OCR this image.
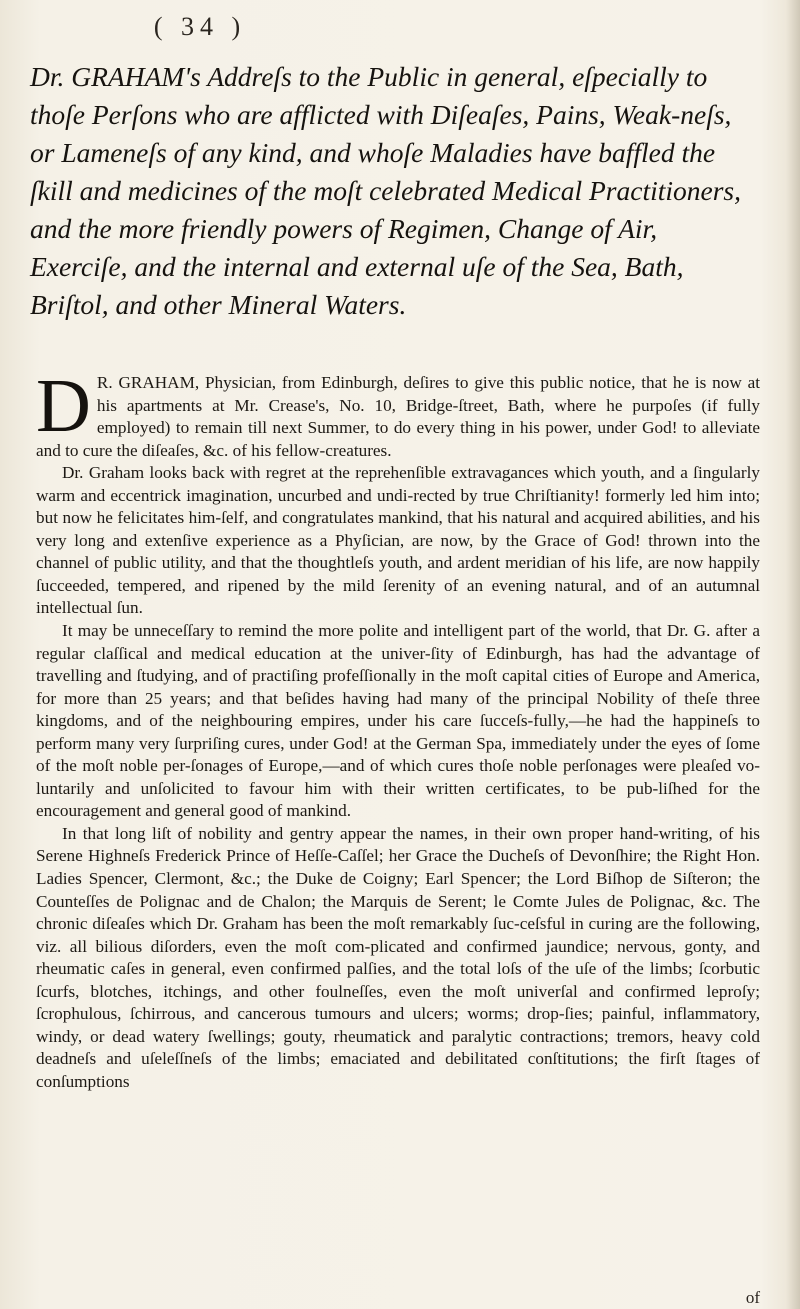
( 34 )
Dr. GRAHAM's Addreſs to the Public in general, eſpecially to thoſe Perſons who are afflicted with Diſeaſes, Pains, Weak-neſs, or Lameneſs of any kind, and whoſe Maladies have baffled the ſkill and medicines of the moſt celebrated Medical Practitioners, and the more friendly powers of Regimen, Change of Air, Exerciſe, and the internal and external uſe of the Sea, Bath, Briſtol, and other Mineral Waters.

D R. GRAHAM, Physician, from Edinburgh, deſires to give this public notice, that he is now at his apartments at Mr. Crease's, No. 10, Bridge-ſtreet, Bath, where he purpoſes (if fully employed) to remain till next Summer, to do every thing in his power, under God! to alleviate and to cure the diſeaſes, &c. of his fellow-creatures.

Dr. Graham looks back with regret at the reprehenſible extravagances which youth, and a ſingularly warm and eccentrick imagination, uncurbed and undi-rected by true Chriſtianity! formerly led him into; but now he felicitates him-ſelf, and congratulates mankind, that his natural and acquired abilities, and his very long and extenſive experience as a Phyſician, are now, by the Grace of God! thrown into the channel of public utility, and that the thoughtleſs youth, and ardent meridian of his life, are now happily ſucceeded, tempered, and ripened by the mild ſerenity of an evening natural, and of an autumnal intellectual ſun.

It may be unneceſſary to remind the more polite and intelligent part of the world, that Dr. G. after a regular claſſical and medical education at the univer-ſity of Edinburgh, has had the advantage of travelling and ſtudying, and of practiſing profeſſionally in the moſt capital cities of Europe and America, for more than 25 years; and that beſides having had many of the principal Nobility of theſe three kingdoms, and of the neighbouring empires, under his care ſucceſs-fully,—he had the happineſs to perform many very ſurpriſing cures, under God! at the German Spa, immediately under the eyes of ſome of the moſt noble per-ſonages of Europe,—and of which cures thoſe noble perſonages were pleaſed vo-luntarily and unſolicited to favour him with their written certificates, to be pub-liſhed for the encouragement and general good of mankind.

In that long liſt of nobility and gentry appear the names, in their own proper hand-writing, of his Serene Highneſs Frederick Prince of Heſſe-Caſſel; her Grace the Ducheſs of Devonſhire; the Right Hon. Ladies Spencer, Clermont, &c.; the Duke de Coigny; Earl Spencer; the Lord Biſhop de Siſteron; the Counteſſes de Polignac and de Chalon; the Marquis de Serent; le Comte Jules de Polignac, &c. The chronic diſeaſes which Dr. Graham has been the moſt remarkably ſuc-ceſsful in curing are the following, viz. all bilious diſorders, even the moſt com-plicated and confirmed jaundice; nervous, gonty, and rheumatic caſes in general, even confirmed palſies, and the total loſs of the uſe of the limbs; ſcorbutic ſcurfs, blotches, itchings, and other foulneſſes, even the moſt univerſal and confirmed leproſy; ſcrophulous, ſchirrous, and cancerous tumours and ulcers; worms; drop-ſies; painful, inflammatory, windy, or dead watery ſwellings; gouty, rheumatick and paralytic contractions; tremors, heavy cold deadneſs and uſeleſſneſs of the limbs; emaciated and debilitated conſtitutions; the firſt ſtages of conſumptions

of
